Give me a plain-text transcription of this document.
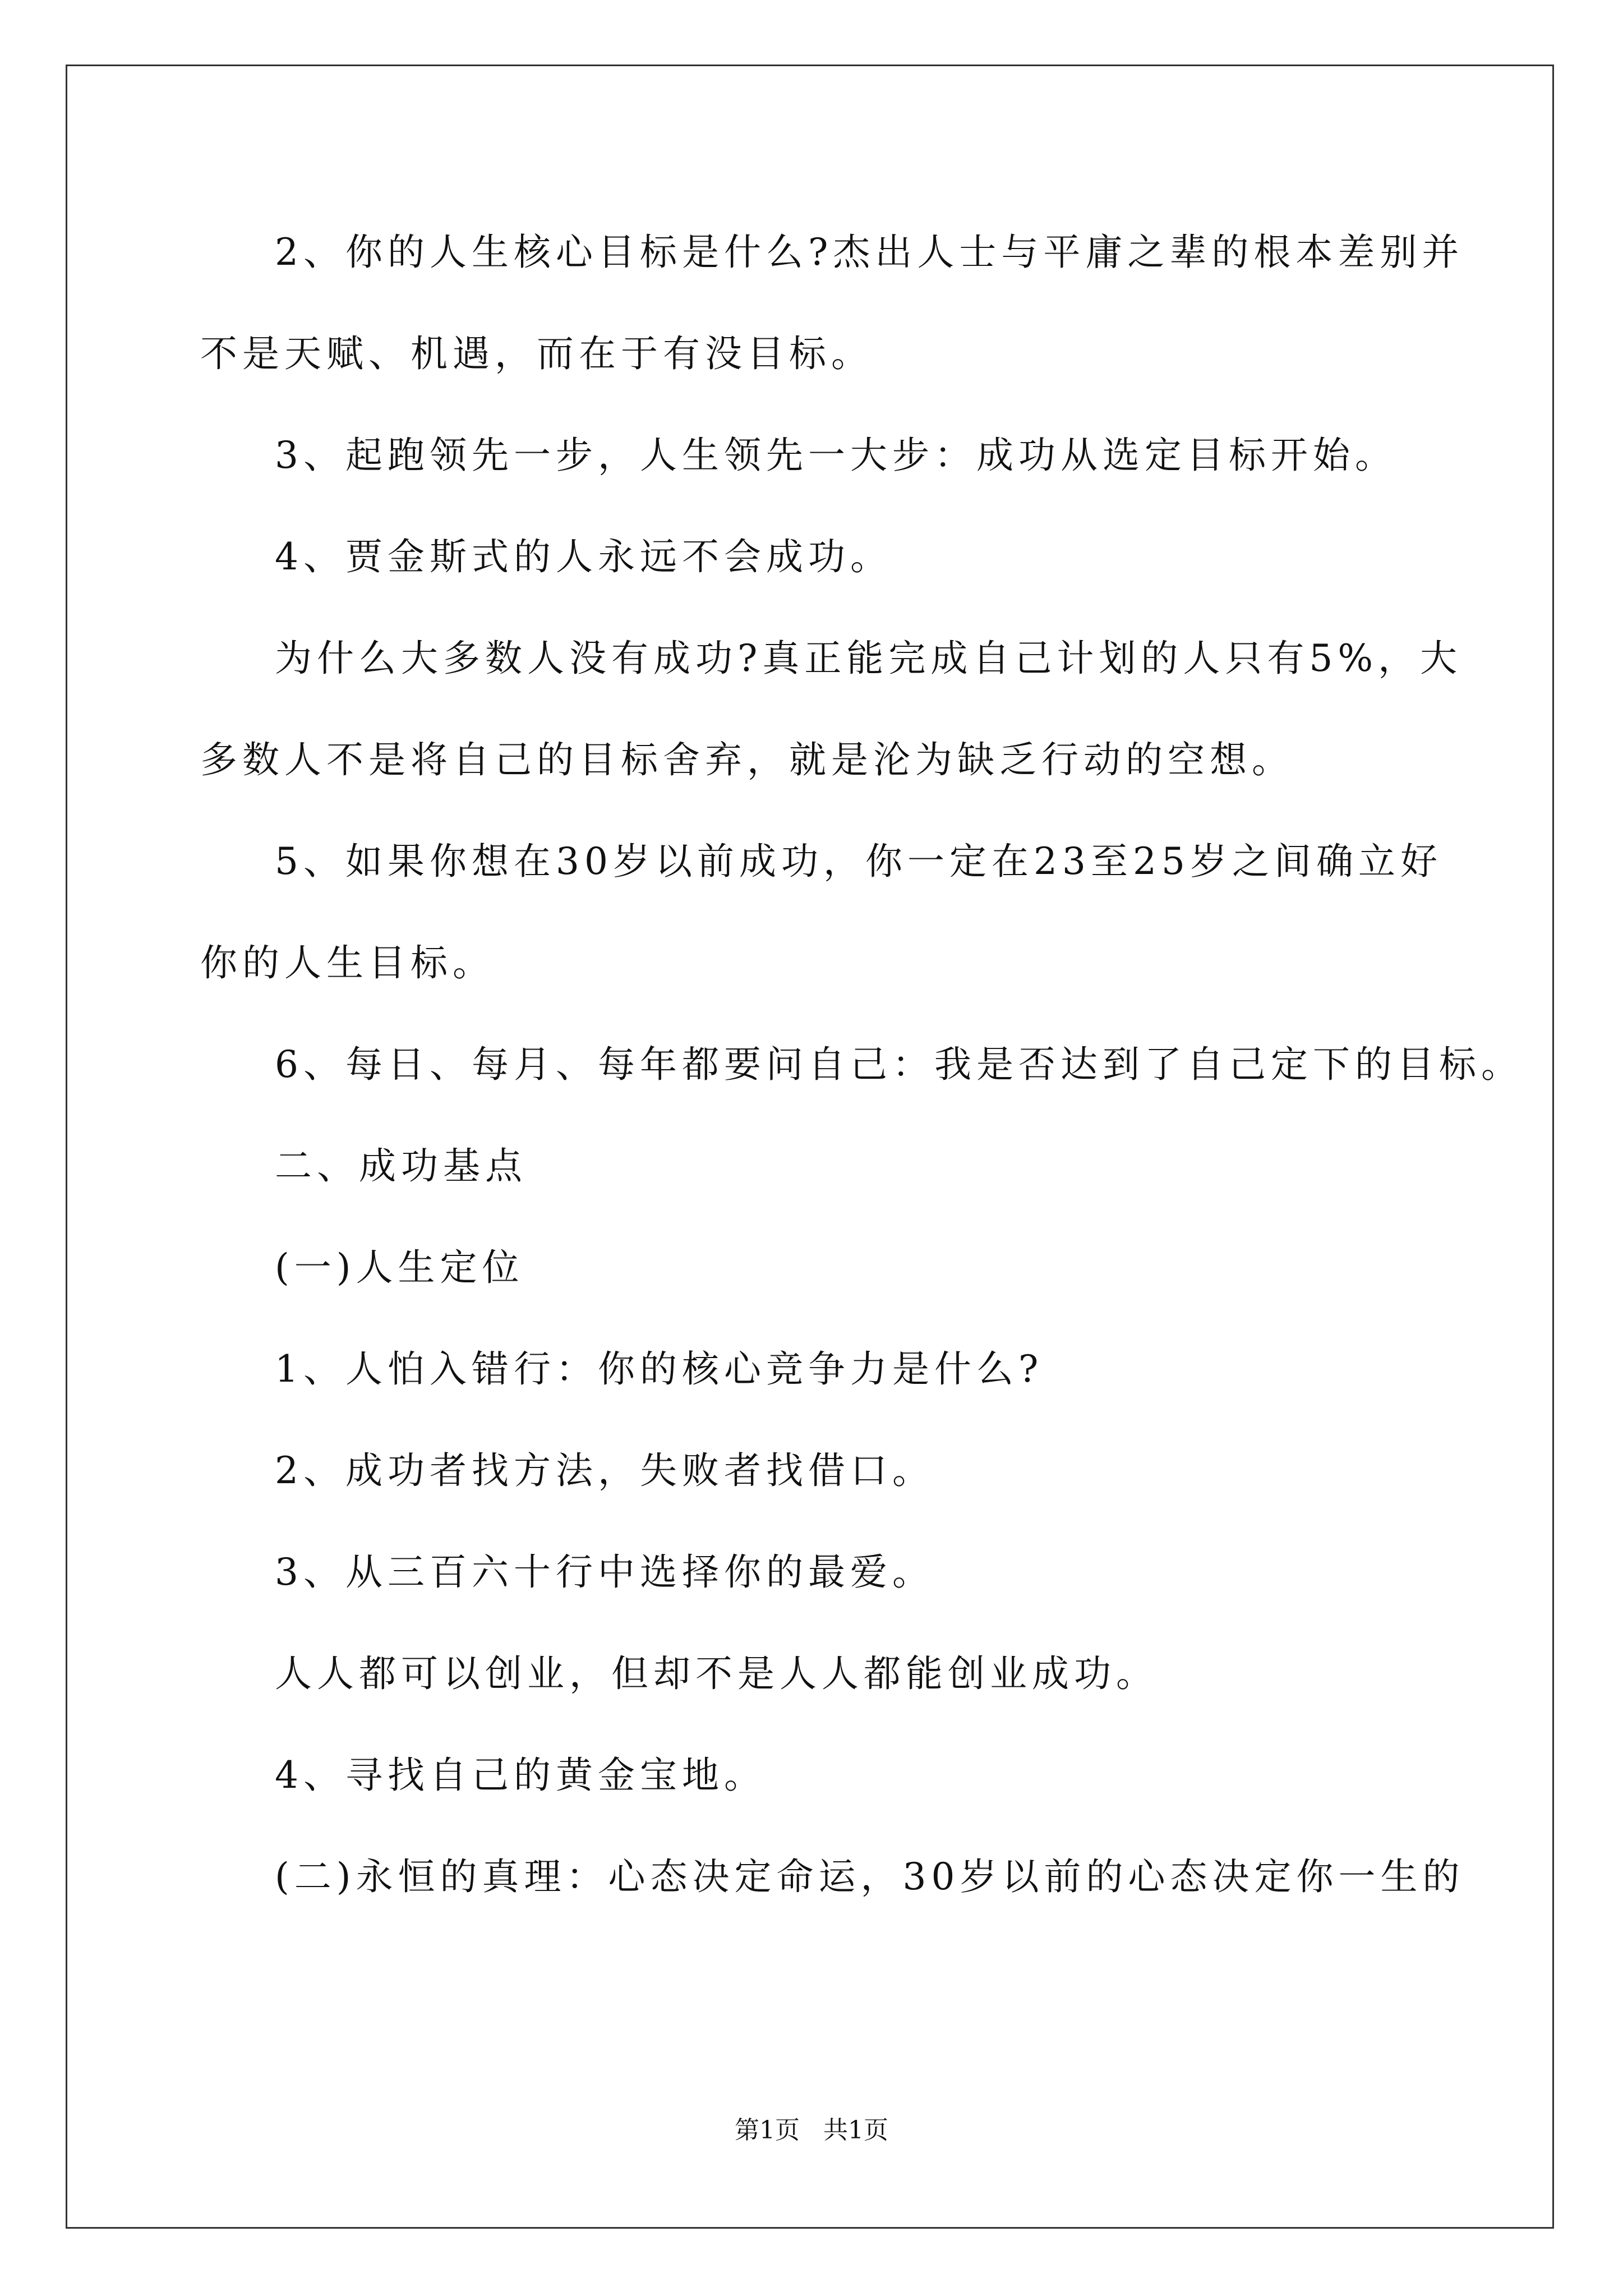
2、你的人生核心目标是什么?杰出人士与平庸之辈的根本差别并

不是天赋、机遇，而在于有没目标。

3、起跑领先一步，人生领先一大步：成功从选定目标开始。

4、贾金斯式的人永远不会成功。

为什么大多数人没有成功?真正能完成自己计划的人只有5%，大

多数人不是将自己的目标舍弃，就是沦为缺乏行动的空想。

5、如果你想在30岁以前成功，你一定在23至25岁之间确立好

你的人生目标。

6、每日、每月、每年都要问自己：我是否达到了自己定下的目标。

二、成功基点

(一)人生定位

1、人怕入错行：你的核心竞争力是什么?

2、成功者找方法，失败者找借口。

3、从三百六十行中选择你的最爱。

人人都可以创业，但却不是人人都能创业成功。

4、寻找自己的黄金宝地。

(二)永恒的真理：心态决定命运，30岁以前的心态决定你一生的

第1页   共1页
